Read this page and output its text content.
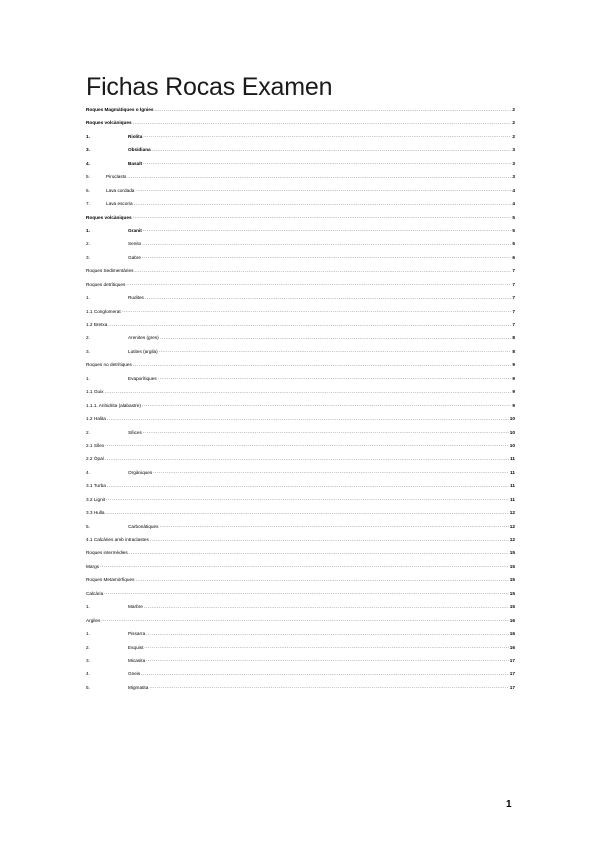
Fichas Rocas Examen
Roques Magmàtiques o Ígnies .....	2
Roques volcàniques .....	2
1.	Riolita .....	2
3.	Obsidiana .....	3
4.	Basalt .....	3
5.	Piroclasts .....	3
6.	Lava cordada .....	4
7.	Lava escoria .....	4
Roques volcàniques .....	5
1.	Granit .....	5
2.	Senito .....	5
3.	Gabre .....	6
Roques Sedimentàries .....	7
Roques detrítiques .....	7
1.	Rudites .....	7
1.1 Conglomerat .....	7
1.2 Bretxa .....	7
2.	Arenites (gres) .....	8
3.	Lutites (argila) .....	8
Roques no detrítiques .....	9
1.	Evaporítiques .....	9
1.1 Guix .....	9
1.1.1. Anhidrita (alabastre) .....	9
1.2 Halita .....	10
2.	Sílices .....	10
2.1 Sílex .....	10
2.2 Òpal .....	11
4.	Orgàniques .....	11
3.1 Turba .....	11
3.2 Lignit .....	11
3.3 Hulla .....	12
5.	Carbonàtiques .....	12
4.1 Calcàries amb intraclastes .....	12
Roques intermèdies .....	15
Margs .....	15
Roques Metamòrfiques .....	15
Calcària .....	15
1.	Marbre .....	15
Argiles .....	16
1.	Pissarra .....	16
2.	Esquist .....	16
3.	Micasita .....	17
4.	Gneis .....	17
5.	Migmatita .....	17
1
